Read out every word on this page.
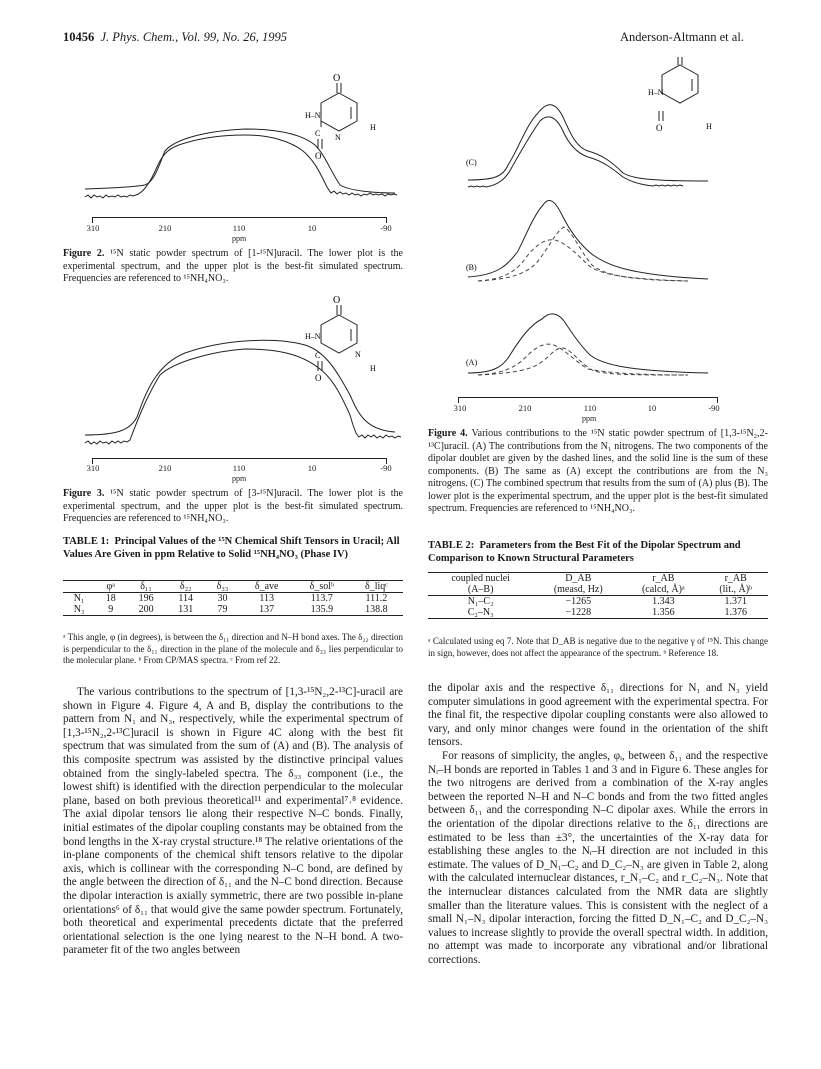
10456 J. Phys. Chem., Vol. 99, No. 26, 1995	Anderson-Altmann et al.
O
H–N
C N
H
O
310	210	110	10	-90
ppm
Figure 2. ¹⁵N static powder spectrum of [1-¹⁵N]uracil. The lower plot is the experimental spectrum, and the upper plot is the best-fit simulated spectrum. Frequencies are referenced to ¹⁵NH₄NO₃.
O
H–N
C	N
H
O
310	210	110	10	-90
ppm
Figure 3. ¹⁵N static powder spectrum of [3-¹⁵N]uracil. The lower plot is the experimental spectrum, and the upper plot is the best-fit simulated spectrum. Frequencies are referenced to ¹⁵NH₄NO₃.
TABLE 1: Principal Values of the ¹⁵N Chemical Shift Tensors in Uracil; All Values Are Given in ppm Relative to Solid ¹⁵NH₄NO₃ (Phase IV)
	φᵃ	δ₁₁	δ₂₂	δ₃₃	δ_ave	δ_solᵇ	δ_liqᶜ
N₁	18	196	114	30	113	113.7	111.2
N₃	9	200	131	79	137	135.9	138.8
ᵃ This angle, φ (in degrees), is between the δ₁₁ direction and N–H bond axes. The δ₂₂ direction is perpendicular to the δ₁₁ direction in the plane of the molecule and δ₃₃ lies perpendicular to the molecular plane. ᵇ From CP/MAS spectra. ᶜ From ref 22.

The various contributions to the spectrum of [1,3-¹⁵N₂,2-¹³C]-uracil are shown in Figure 4. Figure 4, A and B, display the contributions to the pattern from N₁ and N₃, respectively, while the experimental spectrum of [1,3-¹⁵N₂,2-¹³C]uracil is shown in Figure 4C along with the best fit spectrum that was simulated from the sum of (A) and (B). The analysis of this composite spectrum was assisted by the distinctive principal values obtained from the singly-labeled spectra. The δ₃₃ component (i.e., the lowest shift) is identified with the direction perpendicular to the molecular plane, based on both previous theoretical¹¹ and experimental⁷˒⁸ evidence. The axial dipolar tensors lie along their respective N–C bonds. Finally, initial estimates of the dipolar coupling constants may be obtained from the bond lengths in the X-ray crystal structure.¹⁸ The relative orientations of the in-plane components of the chemical shift tensors relative to the dipolar axis, which is collinear with the corresponding N–C bond, are defined by the angle between the direction of δ₁₁ and the N–C bond direction. Because the dipolar interaction is axially symmetric, there are two possible in-plane orientations⁶ of δ₁₁ that would give the same powder spectrum. Fortunately, both theoretical and experimental precedents dictate that the preferred orientational selection is the one lying nearest to the N–H bond. A two-parameter fit of the two angles between

H–N
H
O
(C)
(B)
(A)
310	210	110	10	-90
ppm
Figure 4. Various contributions to the ¹⁵N static powder spectrum of [1,3-¹⁵N₂,2-¹³C]uracil. (A) The contributions from the N₁ nitrogens. The two components of the dipolar doublet are given by the dashed lines, and the solid line is the sum of these components. (B) The same as (A) except the contributions are from the N₃ nitrogens. (C) The combined spectrum that results from the sum of (A) plus (B). The lower plot is the experimental spectrum, and the upper plot is the best-fit simulated spectrum. Frequencies are referenced to ¹⁵NH₄NO₃.
TABLE 2: Parameters from the Best Fit of the Dipolar Spectrum and Comparison to Known Structural Parameters
coupled nuclei	D_AB	r_AB	r_AB
(A–B)	(measd, Hz)	(calcd, Å)ᵃ	(lit., Å)ᵇ
N₁–C₂	−1265	1.343	1.371
C₂–N₃	−1228	1.356	1.376
ᵃ Calculated using eq 7. Note that D_AB is negative due to the negative γ of ¹⁵N. This change in sign, however, does not affect the appearance of the spectrum. ᵇ Reference 18.

the dipolar axis and the respective δ₁₁ directions for N₁ and N₃ yield computer simulations in good agreement with the experimental spectra. For the final fit, the respective dipolar coupling constants were also allowed to vary, and only minor changes were found in the orientation of the shift tensors.

For reasons of simplicity, the angles, φᵢ, between δ₁₁ and the respective Nᵢ–H bonds are reported in Tables 1 and 3 and in Figure 6. These angles for the two nitrogens are derived from a combination of the X-ray angles between the reported N–H and N–C bonds and from the two fitted angles between δ₁₁ and the corresponding N–C dipolar axes. While the errors in the orientation of the dipolar directions relative to the δ₁₁ directions are estimated to be less than ±3°, the uncertainties of the X-ray data for establishing these angles to the Nᵢ–H direction are not included in this estimate. The values of D_N₁–C₂ and D_C₂–N₃ are given in Table 2, along with the calculated internuclear distances, r_N₁–C₂ and r_C₂–N₃. Note that the internuclear distances calculated from the NMR data are slightly smaller than the literature values. This is consistent with the neglect of a small N₁–N₃ dipolar interaction, forcing the fitted D_N₁–C₂ and D_C₂–N₃ values to increase slightly to provide the overall spectral width. In addition, no attempt was made to incorporate any vibrational and/or librational corrections.
